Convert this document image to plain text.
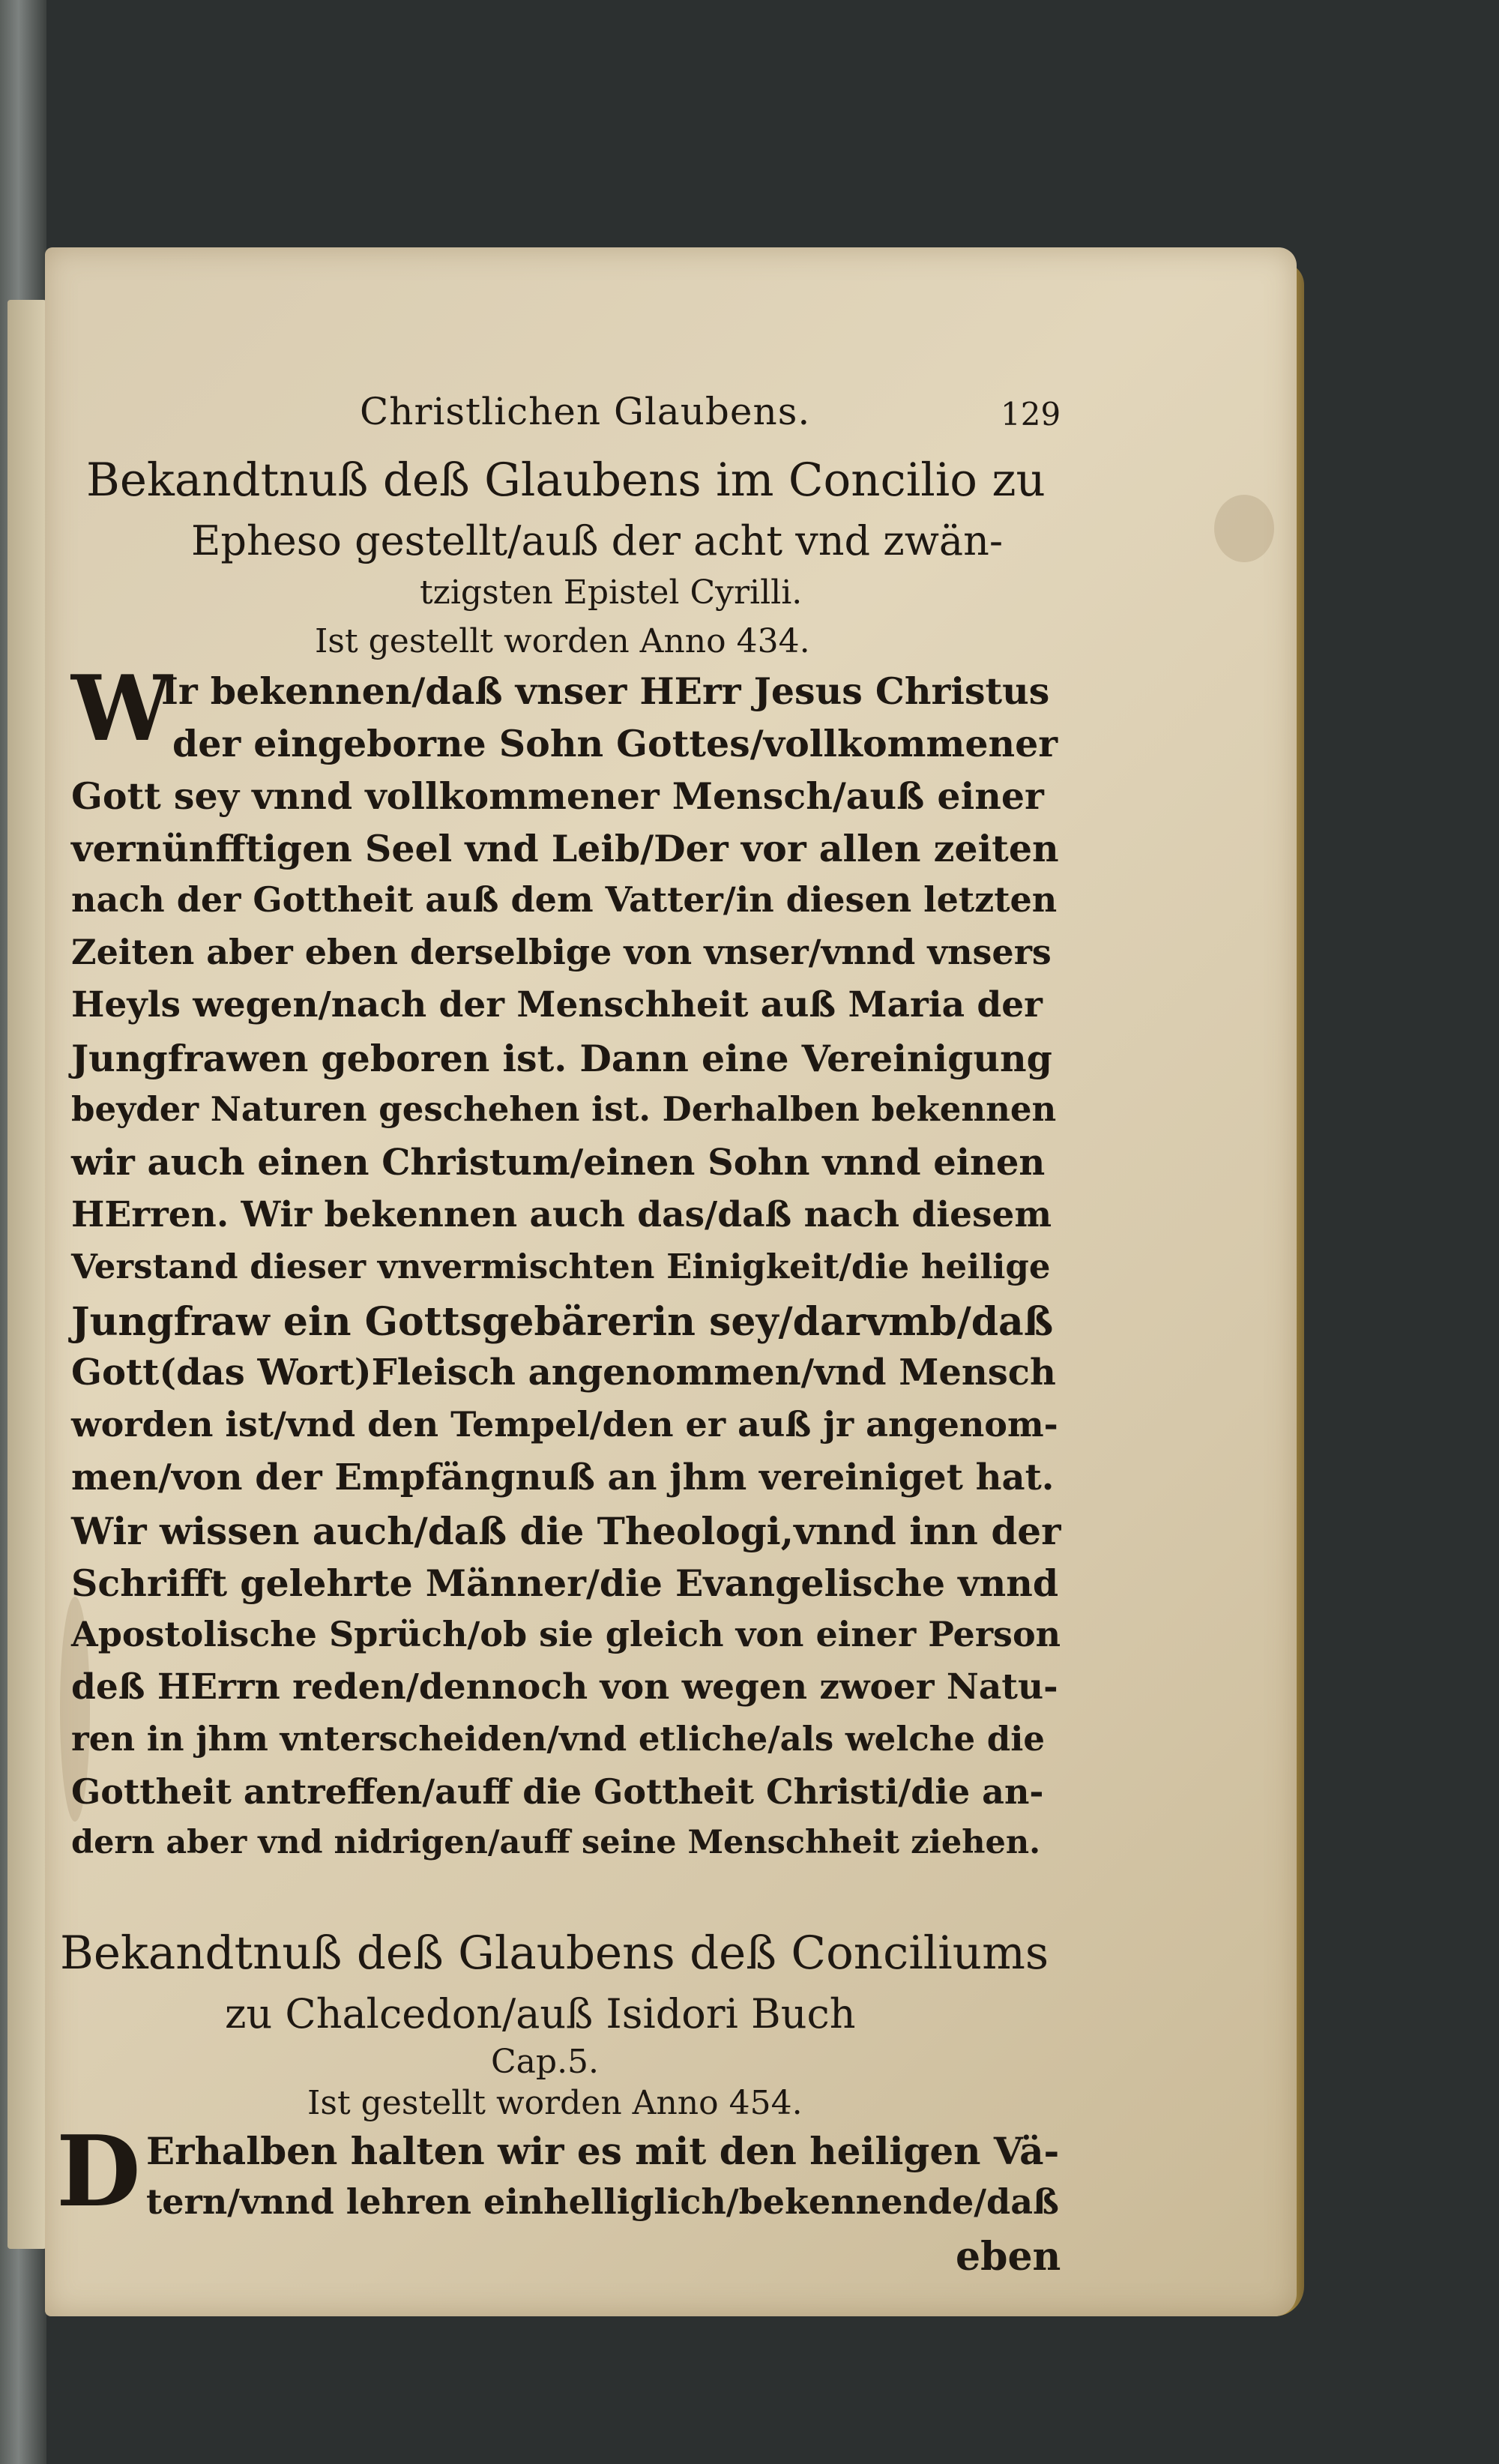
Christlichen Glaubens.	129
Bekandtnuß deß Glaubens im Concilio zu
Epheso gestellt/auß der acht vnd zwän-
tzigsten Epistel Cyrilli.
Ist gestellt worden Anno 434.
W
Ir bekennen/daß vnser HErr Jesus Christus
der eingeborne Sohn Gottes/vollkommener
Gott sey vnnd vollkommener Mensch/auß einer
vernünfftigen Seel vnd Leib/Der vor allen zeiten
nach der Gottheit auß dem Vatter/in diesen letzten
Zeiten aber eben derselbige von vnser/vnnd vnsers
Heyls wegen/nach der Menschheit auß Maria der
Jungfrawen geboren ist. Dann eine Vereinigung
beyder Naturen geschehen ist. Derhalben bekennen
wir auch einen Christum/einen Sohn vnnd einen
HErren. Wir bekennen auch das/daß nach diesem
Verstand dieser vnvermischten Einigkeit/die heilige
Jungfraw ein Gottsgebärerin sey/darvmb/daß
Gott(das Wort)Fleisch angenommen/vnd Mensch
worden ist/vnd den Tempel/den er auß jr angenom-
men/von der Empfängnuß an jhm vereiniget hat.
Wir wissen auch/daß die Theologi,vnnd inn der
Schrifft gelehrte Männer/die Evangelische vnnd
Apostolische Sprüch/ob sie gleich von einer Person
deß HErrn reden/dennoch von wegen zwoer Natu-
ren in jhm vnterscheiden/vnd etliche/als welche die
Gottheit antreffen/auff die Gottheit Christi/die an-
dern aber vnd nidrigen/auff seine Menschheit ziehen.
Bekandtnuß deß Glaubens deß Conciliums
zu Chalcedon/auß Isidori Buch
Cap.5.
Ist gestellt worden Anno 454.
D Erhalben halten wir es mit den heiligen Vä-
tern/vnnd lehren einhelliglich/bekennende/daß
eben
